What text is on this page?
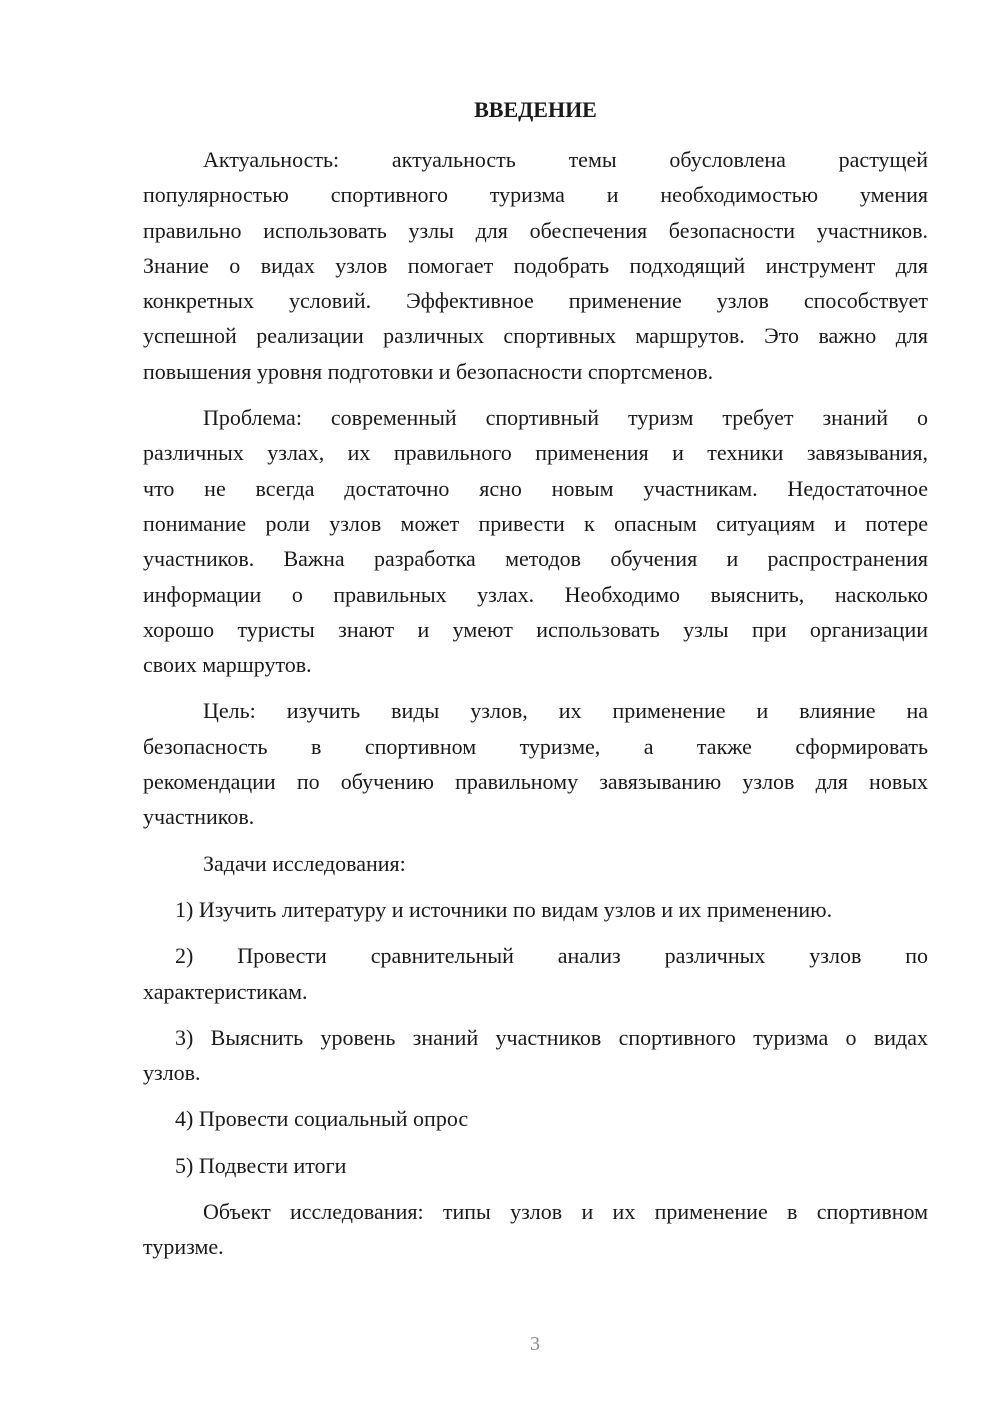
ВВЕДЕНИЕ
Актуальность: актуальность темы обусловлена растущей
популярностью спортивного туризма и необходимостью умения
правильно использовать узлы для обеспечения безопасности участников.
Знание о видах узлов помогает подобрать подходящий инструмент для
конкретных условий. Эффективное применение узлов способствует
успешной реализации различных спортивных маршрутов. Это важно для
повышения уровня подготовки и безопасности спортсменов.
Проблема: современный спортивный туризм требует знаний о
различных узлах, их правильного применения и техники завязывания,
что не всегда достаточно ясно новым участникам. Недостаточное
понимание роли узлов может привести к опасным ситуациям и потере
участников. Важна разработка методов обучения и распространения
информации о правильных узлах. Необходимо выяснить, насколько
хорошо туристы знают и умеют использовать узлы при организации
своих маршрутов.
Цель: изучить виды узлов, их применение и влияние на
безопасность в спортивном туризме, а также сформировать
рекомендации по обучению правильному завязыванию узлов для новых
участников.
Задачи исследования:
1) Изучить литературу и источники по видам узлов и их применению.
2) Провести сравнительный анализ различных узлов по
характеристикам.
3) Выяснить уровень знаний участников спортивного туризма о видах
узлов.
4) Провести социальный опрос
5) Подвести итоги
Объект исследования: типы узлов и их применение в спортивном
туризме.
3
